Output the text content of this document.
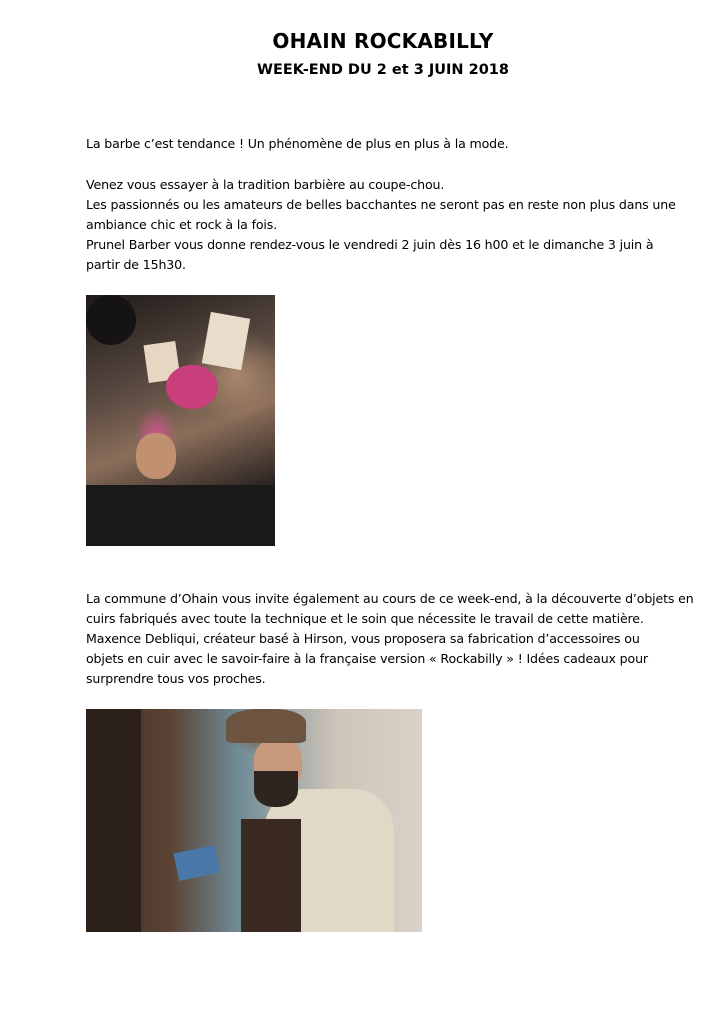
OHAIN ROCKABILLY
WEEK-END DU 2 et 3 JUIN 2018

La barbe c’est tendance ! Un phénomène de plus en plus à la mode.

Venez vous essayer à la tradition barbière au coupe-chou.
Les passionnés ou les amateurs de belles bacchantes ne seront pas en reste non plus dans une
ambiance chic et rock à la fois.
Prunel Barber vous donne rendez-vous le vendredi 2 juin dès 16 h00 et le dimanche 3 juin à
partir de 15h30.

La commune d’Ohain vous invite également au cours de ce week-end, à la découverte d’objets en
cuirs fabriqués avec toute la technique et le soin que nécessite le travail de cette matière.
Maxence Debliqui, créateur basé à Hirson, vous proposera sa fabrication d’accessoires ou
objets en cuir avec le savoir-faire à la française version « Rockabilly » ! Idées cadeaux pour
surprendre tous vos proches.
